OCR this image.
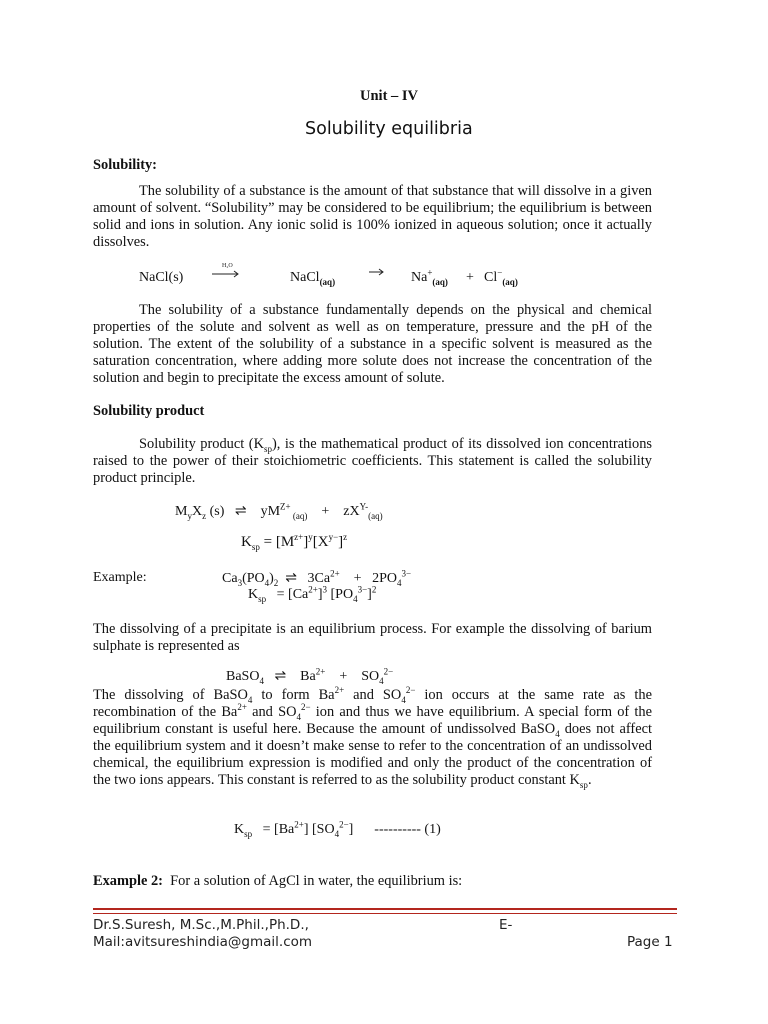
Unit – IV
Solubility equilibria
Solubility:
The solubility of a substance is the amount of that substance that will dissolve in a given amount of solvent. “Solubility” may be considered to be equilibrium; the equilibrium is between solid and ions in solution. Any ionic solid is 100% ionized in aqueous solution; once it actually dissolves.
NaCl(s)
H₂O
NaCl$_{(aq)}$	$Na^+_{(aq)} + Cl^-_{(aq)}$
The solubility of a substance fundamentally depends on the physical and chemical properties of the solute and solvent as well as on temperature, pressure and the pH of the solution. The extent of the solubility of a substance in a specific solvent is measured as the saturation concentration, where adding more solute does not increase the concentration of the solution and begin to precipitate the excess amount of solute.
Solubility product
Solubility product $(K_{sp})$, is the mathematical product of its dissolved ion concentrations raised to the power of their stoichiometric coefficients. This statement is called the solubility product principle.
$M_yX_z$ (s)   ⇌    $yM^{Z+}$ $_{(aq)}$    +    $zX^{Y-}_{(aq)}$
$K_{sp} = [M^{z+}]^y[X^{y-}]^z$
Example:	$Ca_3(PO_4)_2$  ⇌   $3Ca^{2+}$    +   $2PO_4^{3-}$
$K_{sp} = [Ca^{2+}]^3$ $[PO_4^{3-}]^2$
The dissolving of a precipitate is an equilibrium process. For example the dissolving of barium sulphate is represented as
BaSO$_4$   ⇌    $Ba^{2+}$    +    $SO_4^{2-}$
The dissolving of BaSO$_4$ to form $Ba^{2+}$ and $SO_4^{2-}$ ion occurs at the same rate as the recombination of the $Ba^{2+}$ and $SO_4^{2-}$ ion and thus we have equilibrium. A special form of the equilibrium constant is useful here. Because the amount of undissolved BaSO$_4$ does not affect the equilibrium system and it doesn’t make sense to refer to the concentration of an undissolved chemical, the equilibrium expression is modified and only the product of the concentration of the two ions appears. This constant is referred to as the solubility product constant $K_{sp}$.
$K_{sp} = [Ba^{2+}]$ $[SO_4^{2-}]$      ---------- (1)
Example 2: For a solution of AgCl in water, the equilibrium is:
Dr.S.Suresh, M.Sc.,M.Phil.,Ph.D.,	E-
Mail:avitsureshindia@gmail.com	Page 1
